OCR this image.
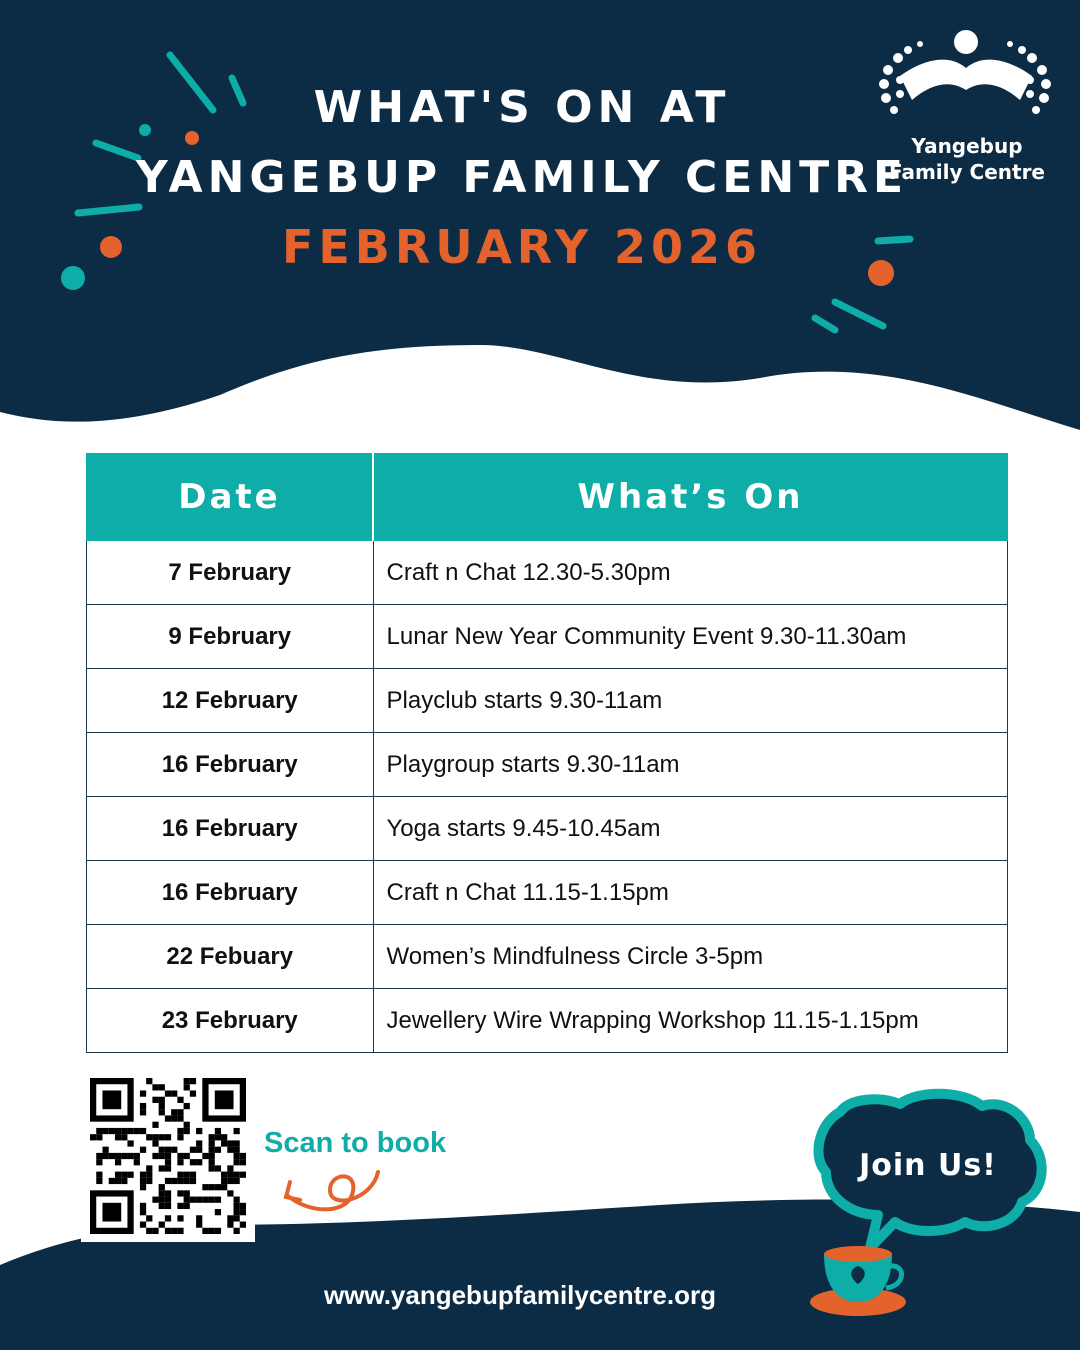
Yangebup
Family Centre
WHAT'S ON AT
YANGEBUP FAMILY CENTRE
FEBRUARY 2026
Date	What’s On
7 February	Craft n Chat 12.30-5.30pm
9 February	Lunar New Year Community Event 9.30-11.30am
12 February	Playclub starts 9.30-11am
16 February	Playgroup starts 9.30-11am
16 February	Yoga starts 9.45-10.45am
16 February	Craft n Chat 11.15-1.15pm
22 Febuary	Women’s Mindfulness Circle 3-5pm
23 February	Jewellery Wire Wrapping Workshop 11.15-1.15pm
Scan to book
Join Us!
www.yangebupfamilycentre.org
